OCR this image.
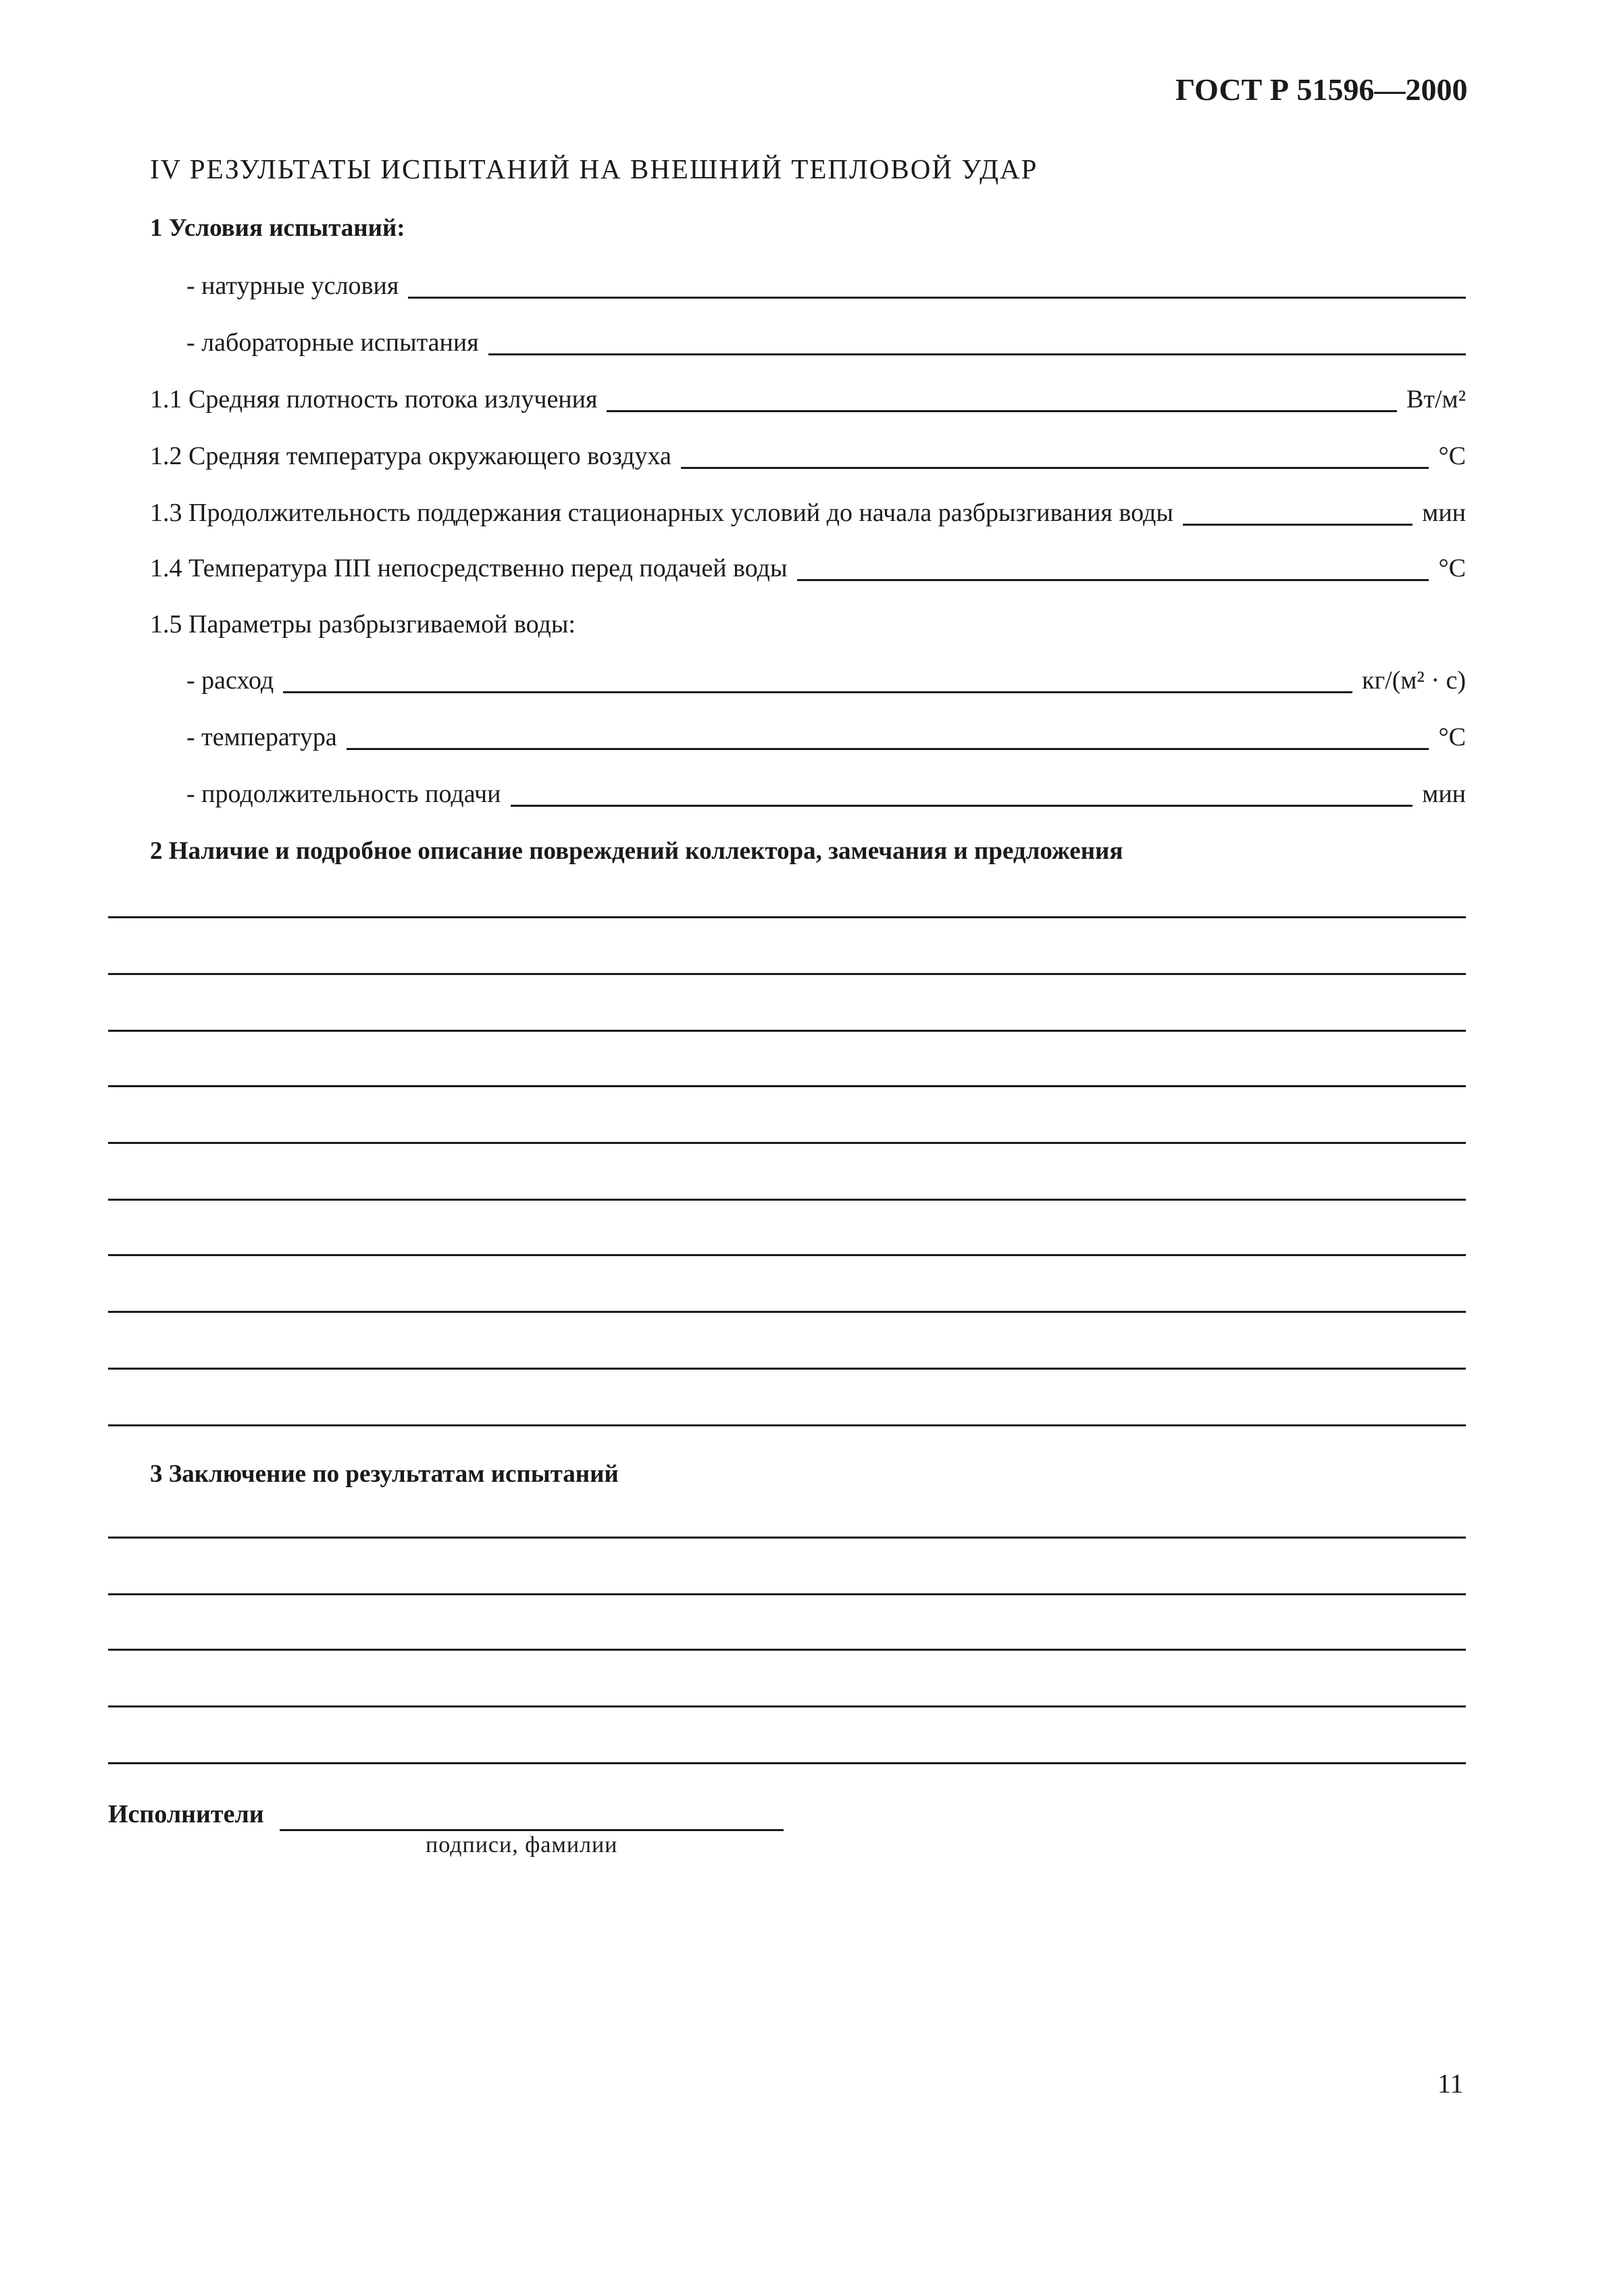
ГОСТ Р 51596—2000
IV РЕЗУЛЬТАТЫ ИСПЫТАНИЙ НА ВНЕШНИЙ ТЕПЛОВОЙ УДАР
1 Условия испытаний:
- натурные условия
- лабораторные испытания
1.1 Средняя плотность потока излучения	Вт/м²
1.2 Средняя температура окружающего воздуха	°С
1.3 Продолжительность поддержания стационарных условий до начала разбрызгивания воды	мин
1.4 Температура ПП непосредственно перед подачей воды	°С
1.5 Параметры разбрызгиваемой воды:
- расход	кг/(м² · с)
- температура	°С
- продолжительность подачи	мин
2 Наличие и подробное описание повреждений коллектора, замечания и предложения
3 Заключение по результатам испытаний
Исполнители
подписи, фамилии
11
